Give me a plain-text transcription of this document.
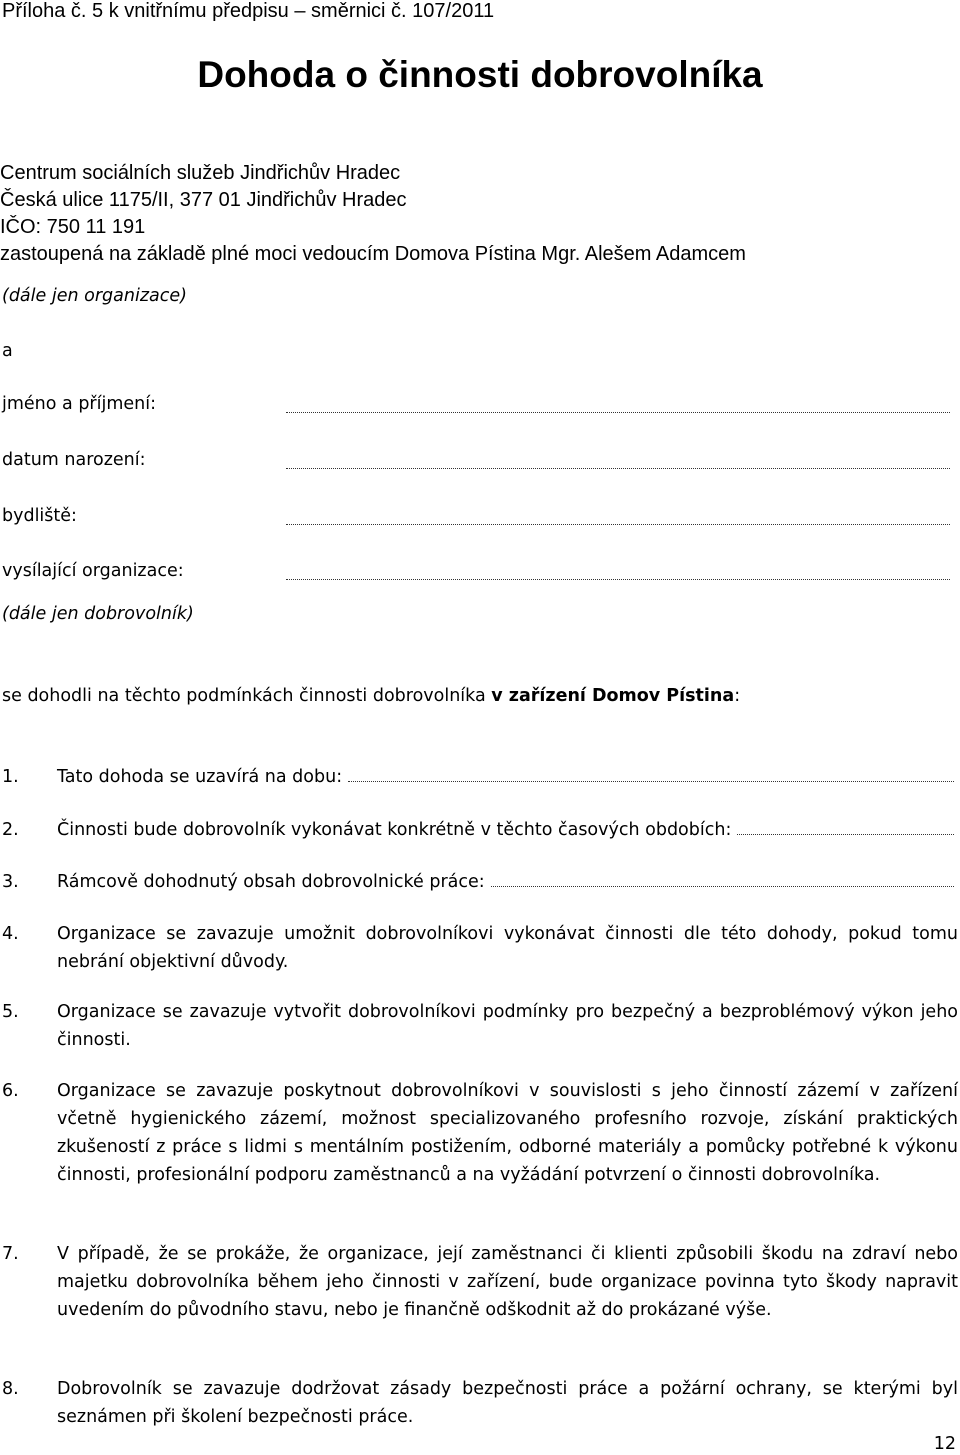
Příloha č. 5 k vnitřnímu předpisu – směrnici č. 107/2011
Dohoda o činnosti dobrovolníka
Centrum sociálních služeb Jindřichův Hradec
Česká ulice 1175/II, 377 01 Jindřichův Hradec
IČO: 750 11 191
zastoupená na základě plné moci vedoucím Domova Pístina Mgr. Alešem Adamcem
(dále jen organizace)
a
jméno a příjmení:
datum narození:
bydliště:
vysílající organizace:
(dále jen dobrovolník)
se dohodli na těchto podmínkách činnosti dobrovolníka v zařízení Domov Pístina:
1.	Tato dohoda se uzavírá na dobu:
2.	Činnosti bude dobrovolník vykonávat konkrétně v těchto časových obdobích:
3.	Rámcově dohodnutý obsah dobrovolnické práce:
4.	Organizace se zavazuje umožnit dobrovolníkovi vykonávat činnosti dle této dohody, pokud tomu nebrání objektivní důvody.
5.	Organizace se zavazuje vytvořit dobrovolníkovi podmínky pro bezpečný a bezproblémový výkon jeho činnosti.
6.	Organizace se zavazuje poskytnout dobrovolníkovi v souvislosti s jeho činností zázemí v zařízení včetně hygienického zázemí, možnost specializovaného profesního rozvoje, získání praktických zkušeností z práce s lidmi s mentálním postižením, odborné materiály a pomůcky potřebné k výkonu činnosti, profesionální podporu zaměstnanců a na vyžádání potvrzení o činnosti dobrovolníka.
7.	V případě, že se prokáže, že organizace, její zaměstnanci či klienti způsobili škodu na zdraví nebo majetku dobrovolníka během jeho činnosti v zařízení, bude organizace povinna tyto škody napravit uvedením do původního stavu, nebo je finančně odškodnit až do prokázané výše.
8.	Dobrovolník se zavazuje dodržovat zásady bezpečnosti práce a požární ochrany, se kterými byl seznámen při školení bezpečnosti práce.
12
